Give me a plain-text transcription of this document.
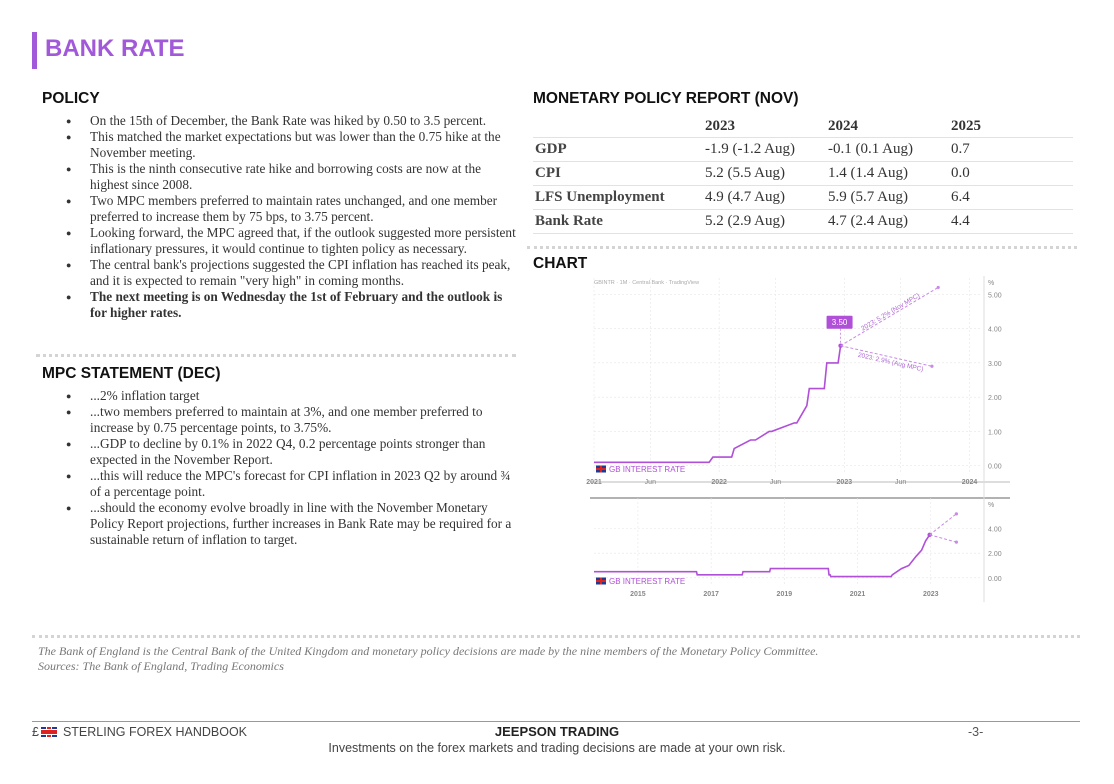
BANK RATE
POLICY
● On the 15th of December, the Bank Rate was hiked by 0.50 to 3.5 percent.
● This matched the market expectations but was lower than the 0.75 hike at the November meeting.
● This is the ninth consecutive rate hike and borrowing costs are now at the highest since 2008.
● Two MPC members preferred to maintain rates unchanged, and one member preferred to increase them by 75 bps, to 3.75 percent.
● Looking forward, the MPC agreed that, if the outlook suggested more persistent inflationary pressures, it would continue to tighten policy as necessary.
● The central bank's projections suggested the CPI inflation has reached its peak, and it is expected to remain "very high" in coming months.
● The next meeting is on Wednesday the 1st of February and the outlook is for higher rates.
MPC STATEMENT (DEC)
● ...2% inflation target
● ...two members preferred to maintain at 3%, and one member preferred to increase by 0.75 percentage points, to 3.75%.
● ...GDP to decline by 0.1% in 2022 Q4, 0.2 percentage points stronger than expected in the November Report.
● ...this will reduce the MPC's forecast for CPI inflation in 2023 Q2 by around ¾ of a percentage point.
● ...should the economy evolve broadly in line with the November Monetary Policy Report projections, further increases in Bank Rate may be required for a sustainable return of inflation to target.
MONETARY POLICY REPORT (NOV)
	2023	2024	2025
GDP	-1.9 (-1.2 Aug)	-0.1 (0.1 Aug)	0.7
CPI	5.2 (5.5 Aug)	1.4 (1.4 Aug)	0.0
LFS Unemployment	4.9 (4.7 Aug)	5.9 (5.7 Aug)	6.4
Bank Rate	5.2 (2.9 Aug)	4.7 (2.4 Aug)	4.4
CHART
0.00
1.00
2.00
3.00
4.00
5.00
%
2021	Jun	2022	Jun	2023	Jun	2024
GBINTR · 1M · Central Bank · TradingView
2023: 5.2% (Nov MPC)
2023: 2.9% (Aug MPC)
3.50
GB INTEREST RATE
0.00
2.00
4.00
%
2015	2017	2019	2021	2023
GB INTEREST RATE
The Bank of England is the Central Bank of the United Kingdom and monetary policy decisions are made by the nine members of the Monetary Policy Committee.
Sources: The Bank of England, Trading Economics
£ STERLING FOREX HANDBOOK	JEEPSON TRADING	-3-
Investments on the forex markets and trading decisions are made at your own risk.
